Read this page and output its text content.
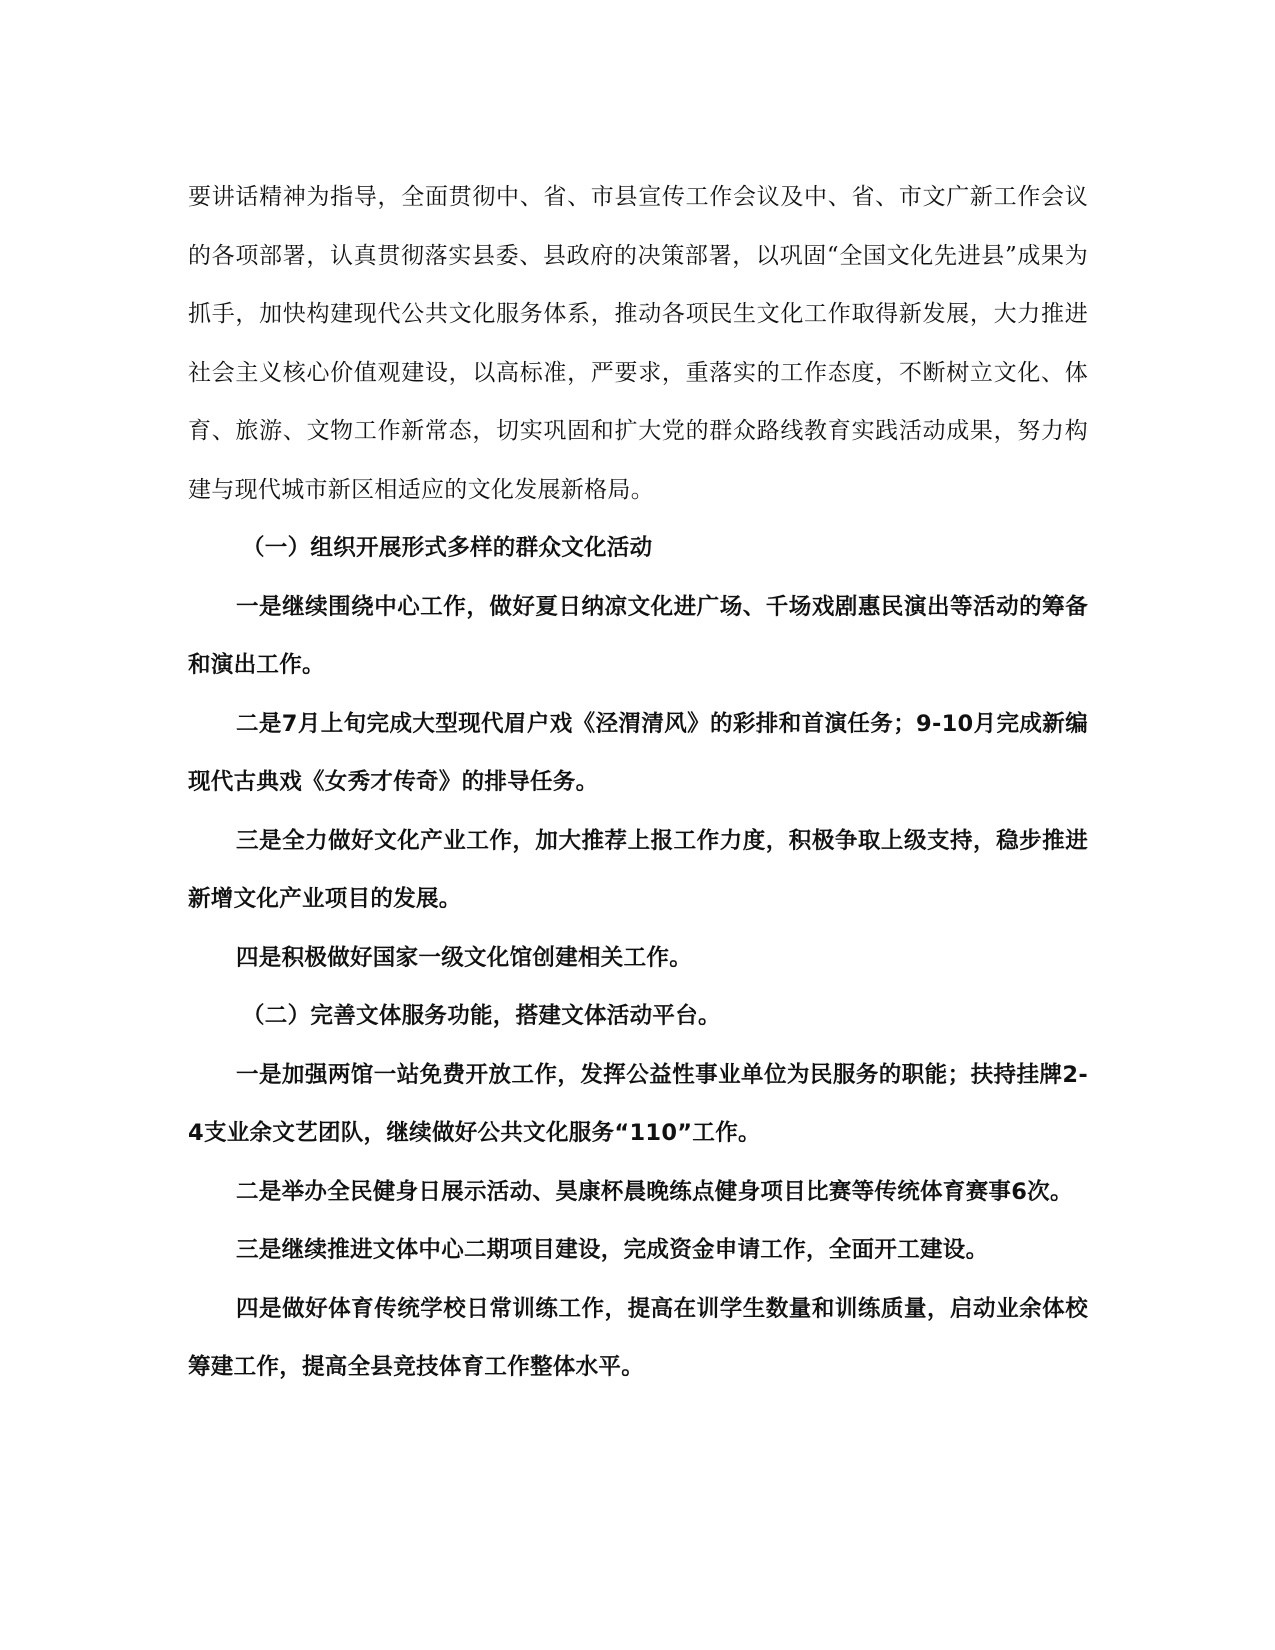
要讲话精神为指导，全面贯彻中、省、市县宣传工作会议及中、省、市文广新工作会议的各项部署，认真贯彻落实县委、县政府的决策部署，以巩固“全国文化先进县”成果为抓手，加快构建现代公共文化服务体系，推动各项民生文化工作取得新发展，大力推进社会主义核心价值观建设，以高标准，严要求，重落实的工作态度，不断树立文化、体育、旅游、文物工作新常态，切实巩固和扩大党的群众路线教育实践活动成果，努力构建与现代城市新区相适应的文化发展新格局。

（一）组织开展形式多样的群众文化活动

一是继续围绕中心工作，做好夏日纳凉文化进广场、千场戏剧惠民演出等活动的筹备和演出工作。

二是7月上旬完成大型现代眉户戏《泾渭清风》的彩排和首演任务；9-10月完成新编现代古典戏《女秀才传奇》的排导任务。

三是全力做好文化产业工作，加大推荐上报工作力度，积极争取上级支持，稳步推进新增文化产业项目的发展。

四是积极做好国家一级文化馆创建相关工作。

（二）完善文体服务功能，搭建文体活动平台。

一是加强两馆一站免费开放工作，发挥公益性事业单位为民服务的职能；扶持挂牌2-4支业余文艺团队，继续做好公共文化服务“110”工作。

二是举办全民健身日展示活动、昊康杯晨晚练点健身项目比赛等传统体育赛事6次。

三是继续推进文体中心二期项目建设，完成资金申请工作，全面开工建设。

四是做好体育传统学校日常训练工作，提高在训学生数量和训练质量，启动业余体校筹建工作，提高全县竞技体育工作整体水平。
